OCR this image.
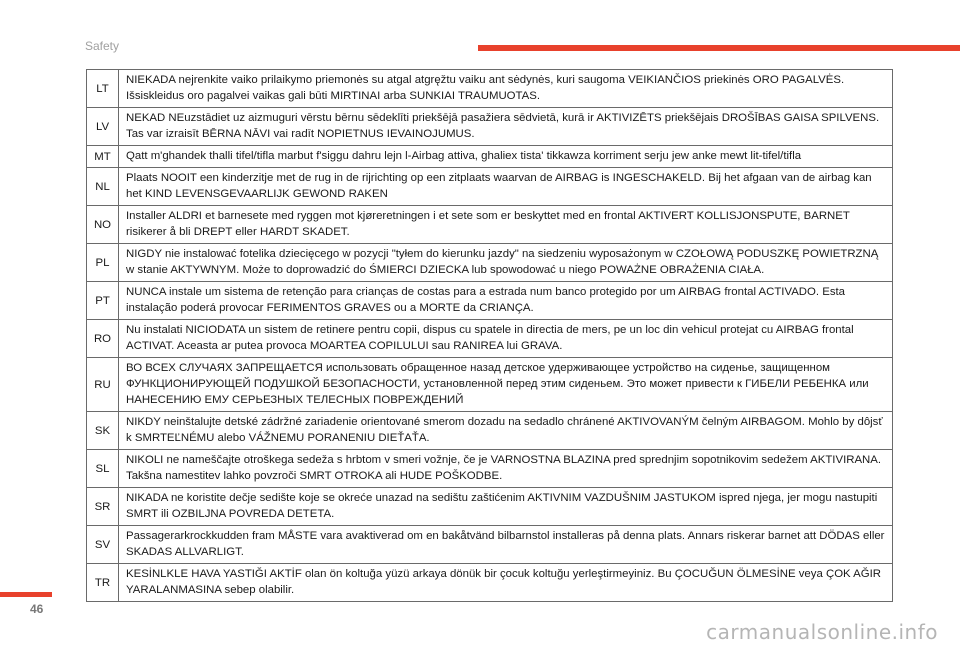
Safety
LT	NIEKADA nejrenkite vaiko prilaikymo priemonės su atgal atgręžtu vaiku ant sėdynės, kuri saugoma VEIKIANČIOS priekinės ORO PAGALVĖS. Išsiskleidus oro pagalvei vaikas gali būti MIRTINAI arba SUNKIAI TRAUMUOTAS.
LV	NEKAD NEuzstādiet uz aizmuguri vērstu bērnu sēdeklīti priekšējā pasažiera sēdvietā, kurā ir AKTIVIZĒTS priekšējais DROŠĪBAS GAISA SPILVENS. Tas var izraisīt BĒRNA NĀVI vai radīt NOPIETNUS IEVAINOJUMUS.
MT	Qatt m'ghandek thalli tifel/tifla marbut f'siggu dahru lejn l-Airbag attiva, ghaliex tista' tikkawza korriment serju jew anke mewt lit-tifel/tifla
NL	Plaats NOOIT een kinderzitje met de rug in de rijrichting op een zitplaats waarvan de AIRBAG is INGESCHAKELD. Bij het afgaan van de airbag kan het KIND LEVENSGEVAARLIJK GEWOND RAKEN
NO	Installer ALDRI et barnesete med ryggen mot kjøreretningen i et sete som er beskyttet med en frontal AKTIVERT KOLLISJONSPUTE, BARNET risikerer å bli DREPT eller HARDT SKADET.
PL	NIGDY nie instalować fotelika dziecięcego w pozycji "tyłem do kierunku jazdy" na siedzeniu wyposażonym w CZOŁOWĄ PODUSZKĘ POWIETRZNĄ w stanie AKTYWNYM. Może to doprowadzić do ŚMIERCI DZIECKA lub spowodować u niego POWAŻNE OBRAŻENIA CIAŁA.
PT	NUNCA instale um sistema de retenção para crianças de costas para a estrada num banco protegido por um AIRBAG frontal ACTIVADO. Esta instalação poderá provocar FERIMENTOS GRAVES ou a MORTE da CRIANÇA.
RO	Nu instalati NICIODATA un sistem de retinere pentru copii, dispus cu spatele in directia de mers, pe un loc din vehicul protejat cu AIRBAG frontal ACTIVAT. Aceasta ar putea provoca MOARTEA COPILULUI sau RANIREA lui GRAVA.
RU	ВО ВСЕХ СЛУЧАЯХ ЗАПРЕЩАЕТСЯ использовать обращенное назад детское удерживающее устройство на сиденье, защищенном ФУНКЦИОНИРУЮЩЕЙ ПОДУШКОЙ БЕЗОПАСНОСТИ, установленной перед этим сиденьем. Это может привести к ГИБЕЛИ РЕБЕНКА или НАНЕСЕНИЮ ЕМУ СЕРЬЕЗНЫХ ТЕЛЕСНЫХ ПОВРЕЖДЕНИЙ
SK	NIKDY neinštalujte detské zádržné zariadenie orientované smerom dozadu na sedadlo chránené AKTIVOVANÝM čelným AIRBAGOM. Mohlo by dôjsť k SMRTEĽNÉMU alebo VÁŽNEMU PORANENIU DIEŤAŤA.
SL	NIKOLI ne nameščajte otroškega sedeža s hrbtom v smeri vožnje, če je VARNOSTNA BLAZINA pred sprednjim sopotnikovim sedežem AKTIVIRANA. Takšna namestitev lahko povzroči SMRT OTROKA ali HUDE POŠKODBE.
SR	NIKADA ne koristite dečje sedište koje se okreće unazad na sedištu zaštićenim AKTIVNIM VAZDUŠNIM JASTUKOM ispred njega, jer mogu nastupiti SMRT ili OZBILJNA POVREDA DETETA.
SV	Passagerarkrockkudden fram MÅSTE vara avaktiverad om en bakåtvänd bilbarnstol installeras på denna plats. Annars riskerar barnet att DÖDAS eller SKADAS ALLVARLIGT.
TR	KESİNLKLE HAVA YASTIĞI AKTİF olan ön koltuğa yüzü arkaya dönük bir çocuk koltuğu yerleştirmeyiniz. Bu ÇOCUĞUN ÖLMESİNE veya ÇOK AĞIR YARALANMASINA sebep olabilir.
46
carmanualsonline.info
